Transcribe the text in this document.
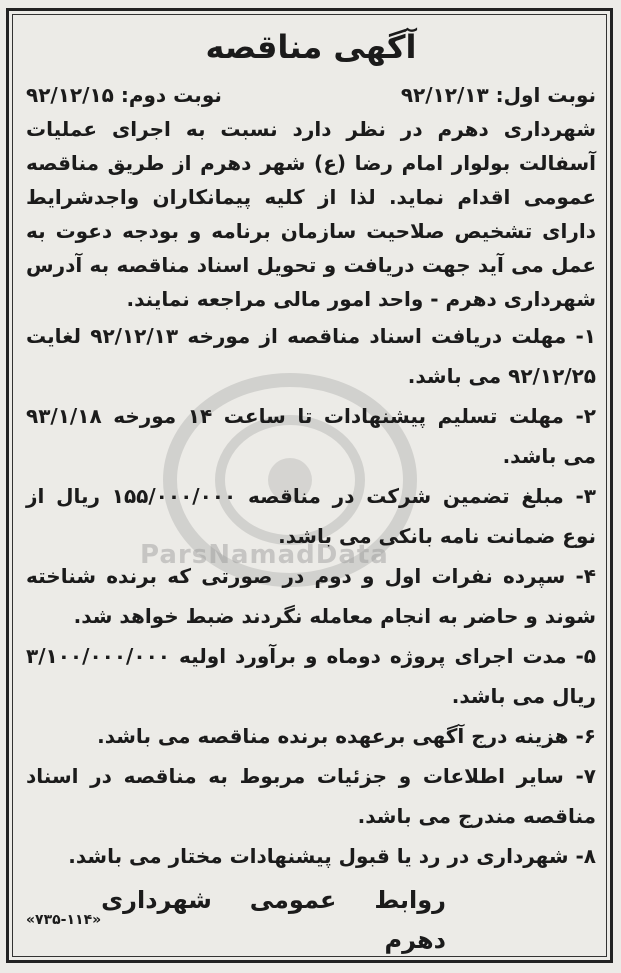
ParsNamadData
آگهی مناقصه
نوبت اول: ۹۲/۱۲/۱۳
نوبت دوم: ۹۲/۱۲/۱۵

شهرداری دهرم در نظر دارد نسبت به اجرای عملیات آسفالت بولوار امام رضا (ع) شهر دهرم از طریق مناقصه عمومی اقدام نماید. لذا از کلیه پیمانکاران واجدشرایط دارای تشخیص صلاحیت سازمان برنامه و بودجه دعوت به عمل می آید جهت دریافت و تحویل اسناد مناقصه به آدرس شهرداری دهرم - واحد امور مالی مراجعه نمایند.

۱- مهلت دریافت اسناد مناقصه از مورخه ۹۲/۱۲/۱۳ لغایت ۹۲/۱۲/۲۵ می باشد.

۲- مهلت تسلیم پیشنهادات تا ساعت ۱۴ مورخه ۹۳/۱/۱۸ می باشد.

۳- مبلغ تضمین شرکت در مناقصه ۱۵۵/۰۰۰/۰۰۰ ریال از نوع ضمانت نامه بانکی می باشد.

۴- سپرده نفرات اول و دوم در صورتی که برنده شناخته شوند و حاضر به انجام معامله نگردند ضبط خواهد شد.

۵- مدت اجرای پروژه دوماه و برآورد اولیه ۳/۱۰۰/۰۰۰/۰۰۰ ریال می باشد.

۶- هزینه درج آگهی برعهده برنده مناقصه می باشد.

۷- سایر اطلاعات و جزئیات مربوط به مناقصه در اسناد مناقصه مندرج می باشد.

۸- شهرداری در رد یا قبول پیشنهادات مختار می باشد.

روابط عمومی شهرداری دهرم
«۷۳۵-۱۱۴»
